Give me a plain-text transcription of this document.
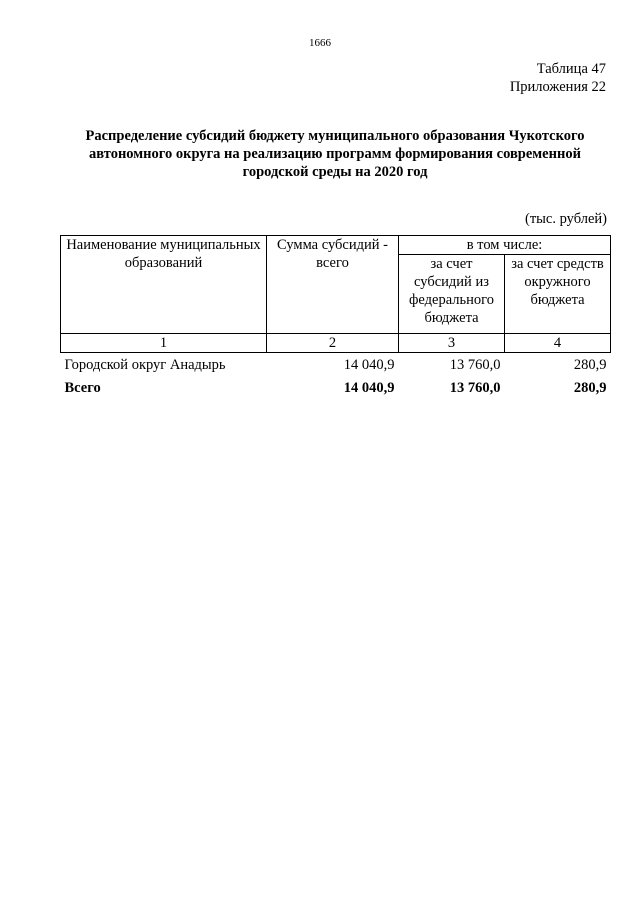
1666
Таблица 47
Приложения 22
Распределение субсидий бюджету муниципального образования Чукотского автономного округа на реализацию программ формирования современной городской среды на 2020 год
(тыс. рублей)
Наименование муниципальных образований	Сумма субсидий - всего	в том числе:	
		за счет субсидий из федерального бюджета	за счет средств окружного бюджета
1	2	3	4
Городской округ Анадырь	14 040,9	13 760,0	280,9
Всего	14 040,9	13 760,0	280,9
